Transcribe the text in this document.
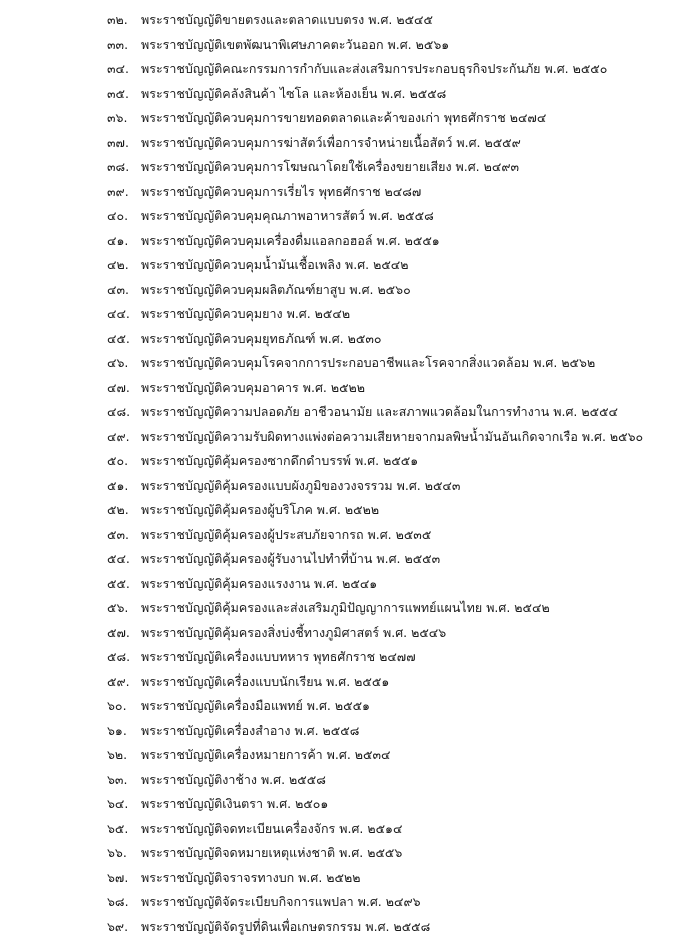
๓๒.	พระราชบัญญัติขายตรงและตลาดแบบตรง พ.ศ. ๒๕๔๕
๓๓.	พระราชบัญญัติเขตพัฒนาพิเศษภาคตะวันออก พ.ศ. ๒๕๖๑
๓๔. พระราชบัญญัติคณะกรรมการกำกับและส่งเสริมการประกอบธุรกิจประกันภัย พ.ศ. ๒๕๕๐
๓๕. พระราชบัญญัติคลังสินค้า ไซโล และห้องเย็น พ.ศ. ๒๕๕๘
๓๖.	พระราชบัญญัติควบคุมการขายทอดตลาดและค้าของเก่า พุทธศักราช ๒๔๗๔
๓๗. พระราชบัญญัติควบคุมการฆ่าสัตว์เพื่อการจำหน่ายเนื้อสัตว์ พ.ศ. ๒๕๕๙
๓๘. พระราชบัญญัติควบคุมการโฆษณาโดยใช้เครื่องขยายเสียง พ.ศ. ๒๔๙๓
๓๙. พระราชบัญญัติควบคุมการเรี่ยไร พุทธศักราช ๒๔๘๗
๔๐.	พระราชบัญญัติควบคุมคุณภาพอาหารสัตว์ พ.ศ. ๒๕๕๘
๔๑.	พระราชบัญญัติควบคุมเครื่องดื่มแอลกอฮอล์ พ.ศ. ๒๕๕๑
๔๒. พระราชบัญญัติควบคุมน้ำมันเชื้อเพลิง พ.ศ. ๒๕๔๒
๔๓. พระราชบัญญัติควบคุมผลิตภัณฑ์ยาสูบ พ.ศ. ๒๕๖๐
๔๔. พระราชบัญญัติควบคุมยาง พ.ศ. ๒๕๔๒
๔๕. พระราชบัญญัติควบคุมยุทธภัณฑ์ พ.ศ. ๒๕๓๐
๔๖.	พระราชบัญญัติควบคุมโรคจากการประกอบอาชีพและโรคจากสิ่งแวดล้อม พ.ศ. ๒๕๖๒
๔๗. พระราชบัญญัติควบคุมอาคาร พ.ศ. ๒๕๒๒
๔๘. พระราชบัญญัติความปลอดภัย อาชีวอนามัย และสภาพแวดล้อมในการทำงาน พ.ศ. ๒๕๕๔
๔๙. พระราชบัญญัติความรับผิดทางแพ่งต่อความเสียหายจากมลพิษน้ำมันอันเกิดจากเรือ พ.ศ. ๒๕๖๐
๕๐.	พระราชบัญญัติคุ้มครองซากดึกดำบรรพ์ พ.ศ. ๒๕๕๑
๕๑.	พระราชบัญญัติคุ้มครองแบบผังภูมิของวงจรรวม พ.ศ. ๒๕๔๓
๕๒. พระราชบัญญัติคุ้มครองผู้บริโภค พ.ศ. ๒๕๒๒
๕๓. พระราชบัญญัติคุ้มครองผู้ประสบภัยจากรถ พ.ศ. ๒๕๓๕
๕๔. พระราชบัญญัติคุ้มครองผู้รับงานไปทำที่บ้าน พ.ศ. ๒๕๕๓
๕๕. พระราชบัญญัติคุ้มครองแรงงาน พ.ศ. ๒๕๔๑
๕๖.	พระราชบัญญัติคุ้มครองและส่งเสริมภูมิปัญญาการแพทย์แผนไทย พ.ศ. ๒๕๔๒
๕๗. พระราชบัญญัติคุ้มครองสิ่งบ่งชี้ทางภูมิศาสตร์ พ.ศ. ๒๕๔๖
๕๘. พระราชบัญญัติเครื่องแบบทหาร พุทธศักราช ๒๔๗๗
๕๙. พระราชบัญญัติเครื่องแบบนักเรียน พ.ศ. ๒๕๕๑
๖๐.	พระราชบัญญัติเครื่องมือแพทย์ พ.ศ. ๒๕๕๑
๖๑.	พระราชบัญญัติเครื่องสำอาง พ.ศ. ๒๕๕๘
๖๒.	พระราชบัญญัติเครื่องหมายการค้า พ.ศ. ๒๕๓๔
๖๓.	พระราชบัญญัติงาช้าง พ.ศ. ๒๕๕๘
๖๔.	พระราชบัญญัติเงินตรา พ.ศ. ๒๕๐๑
๖๕.	พระราชบัญญัติจดทะเบียนเครื่องจักร พ.ศ. ๒๕๑๔
๖๖.	พระราชบัญญัติจดหมายเหตุแห่งชาติ พ.ศ. ๒๕๕๖
๖๗.	พระราชบัญญัติจราจรทางบก พ.ศ. ๒๕๒๒
๖๘. พระราชบัญญัติจัดระเบียบกิจการแพปลา พ.ศ. ๒๔๙๖
๖๙.	พระราชบัญญัติจัดรูปที่ดินเพื่อเกษตรกรรม พ.ศ. ๒๕๕๘
